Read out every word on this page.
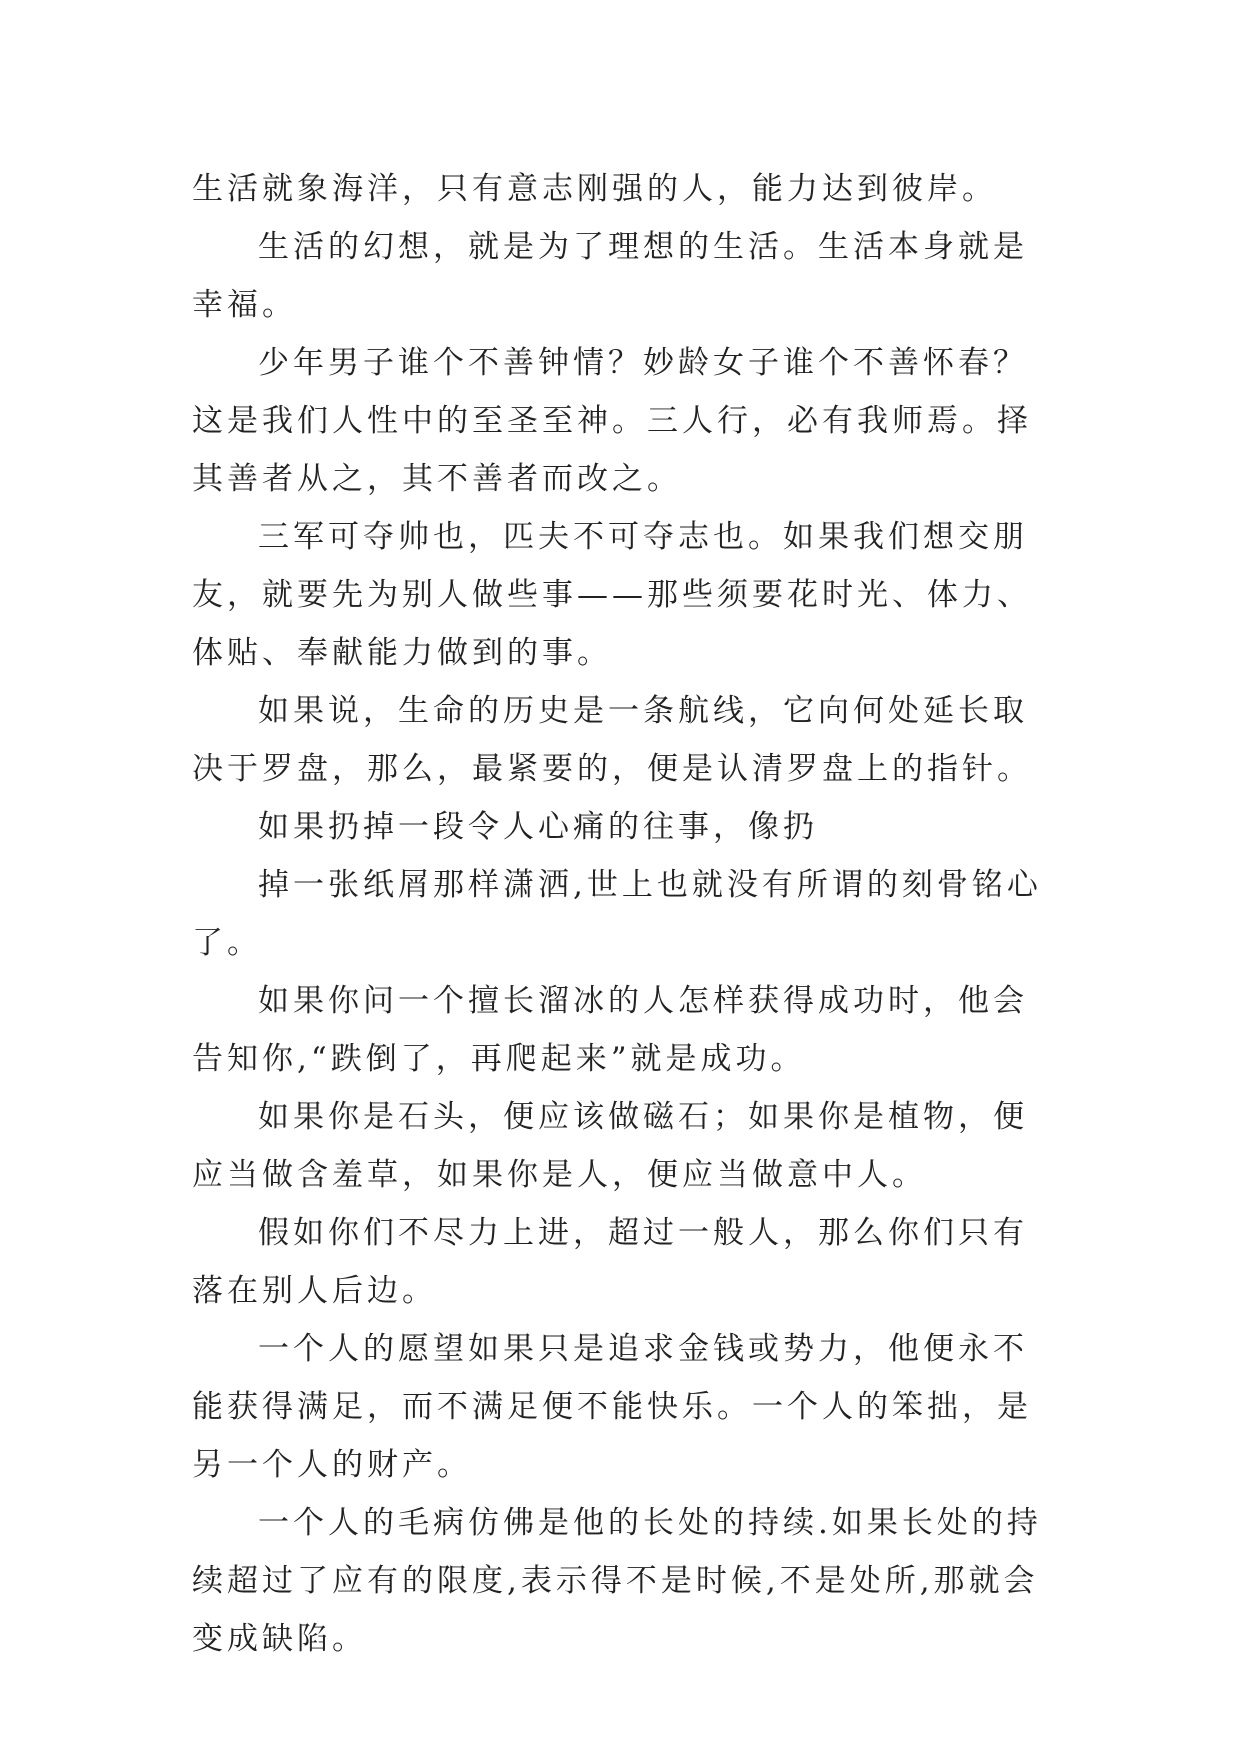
生活就象海洋，只有意志刚强的人，能力达到彼岸。

生活的幻想，就是为了理想的生活。生活本身就是幸福。

少年男子谁个不善钟情？妙龄女子谁个不善怀春？这是我们人性中的至圣至神。三人行，必有我师焉。择其善者从之，其不善者而改之。

三军可夺帅也，匹夫不可夺志也。如果我们想交朋友，就要先为别人做些事——那些须要花时光、体力、体贴、奉献能力做到的事。

如果说，生命的历史是一条航线，它向何处延长取决于罗盘，那么，最紧要的，便是认清罗盘上的指针。

如果扔掉一段令人心痛的往事，像扔

掉一张纸屑那样潇洒,世上也就没有所谓的刻骨铭心了。

如果你问一个擅长溜冰的人怎样获得成功时，他会告知你,“跌倒了，再爬起来”就是成功。

如果你是石头，便应该做磁石；如果你是植物，便应当做含羞草，如果你是人，便应当做意中人。

假如你们不尽力上进，超过一般人，那么你们只有落在别人后边。

一个人的愿望如果只是追求金钱或势力，他便永不能获得满足，而不满足便不能快乐。一个人的笨拙，是另一个人的财产。

一个人的毛病仿佛是他的长处的持续.如果长处的持续超过了应有的限度,表示得不是时候,不是处所,那就会变成缺陷。
